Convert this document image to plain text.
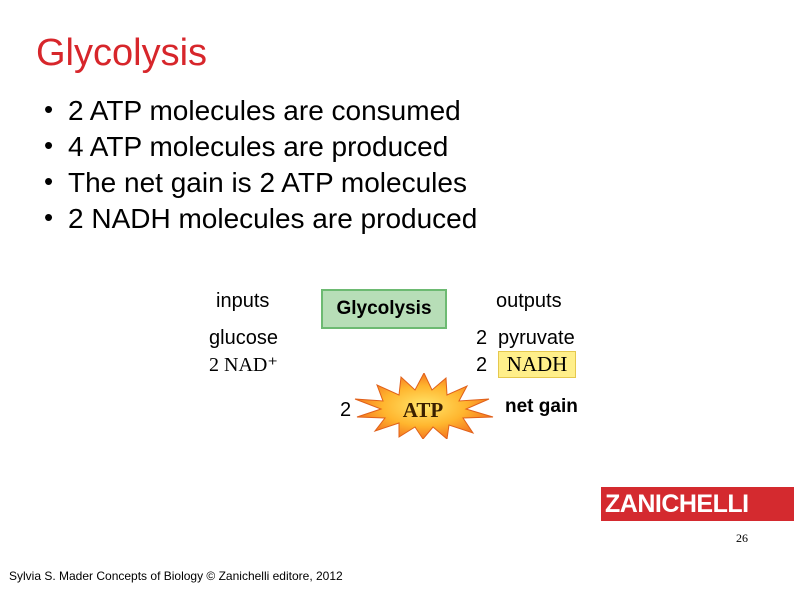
Glycolysis
• 2 ATP molecules are consumed
• 4 ATP molecules are produced
• The net gain is 2 ATP molecules
• 2 NADH molecules are produced
inputs	Glycolysis	outputs
glucose
2 NAD⁺
2 pyruvate
2 NADH
2 ATP	net gain
ZANICHELLI
26
Sylvia S. Mader Concepts of Biology © Zanichelli editore, 2012
